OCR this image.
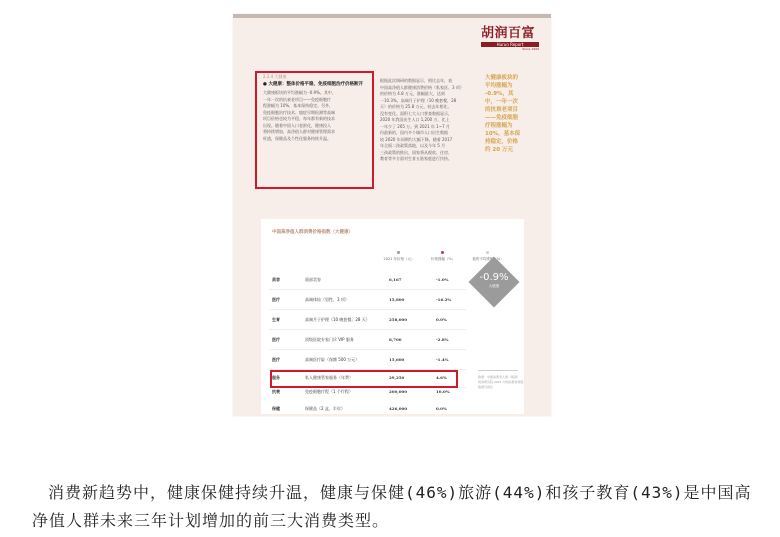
胡润百富
Hurun Report
Since 1999
2.2.4 大健康
● 大健康：整体价格平稳，免疫细胞治疗价格断开
大健康板块的平均涨幅为 -0.9%。其中，
一年一次的抗衰老项目——免疫细胞疗
程涨幅为 10%，基本保持稳定。另外，
免疫细胞治疗技术、癌症早期检测等高端
项目价格也较为平稳，每年都有新的技术
出现。随着中国人口老龄化，健康投入
将持续增加，高净值人群对健康管理需求
旺盛，保健品及个性化服务持续升温。
根据此次调研的数据显示，相比去年，表
中国高净值人群健康消费价格（私家医、3 项）
的价格为 4.8 万元，涨幅最大，达到
一10.3%。高端月子护理（10 晚套餐，28
天）的价格为 25.8 万元，较去年相比，
没有变化。面积七大人口普查数据显示，
2020 年我国出生人口 1,200 万，比上
一年少了 265 万。到 2021 年 1~7 月
份最新的，国内多个城市人口出生数据
较 2020 年同期均大幅下降。随着 2017
年全面二孩政策落地，以及今年 5 月
三孩政策的推出，国家将从税收、住房、
教育等多方面对生育五胎家庭进行扶持。
大健康板块的
平均涨幅为
-0.9%，其
中，一年一次
的抗衰老项目
——免疫细胞
疗程涨幅为
10%，基本保
持稳定，价格
约 20 万元
中国高净值人群消费价格指数（大健康）
2021 年价格（元）	价格涨幅（%）	板块平均涨幅（%）
美容	面部美容	6,167	-1.0%
医疗	高端体检（男性，3 项）	15,800	-16.2%
生育	高端月子护理（10 晚套餐，28 天）	258,000	0.0%
医疗	顶级医院专家门诊 VIP 服务	8,700	-2.8%
医疗	高端医疗险（保额 500 万元）	15,600	-1.4%
服务	私人健康管家服务（年费）	29,250	4.6%
抗衰	免疫细胞疗程（1 个疗程）	200,000	10.0%
保健	保健品（2 盒，半年）	426,000	0.0%
-0.9%
大健康
数据：中国消费者人群（胡润）
胡润研究院 2021 中国消费者调查
数据可视化
消费新趋势中，健康保健持续升温，健康与保健(46%)旅游(44%)和孩子教育(43%)是中国高净值人群未来三年计划增加的前三大消费类型。
